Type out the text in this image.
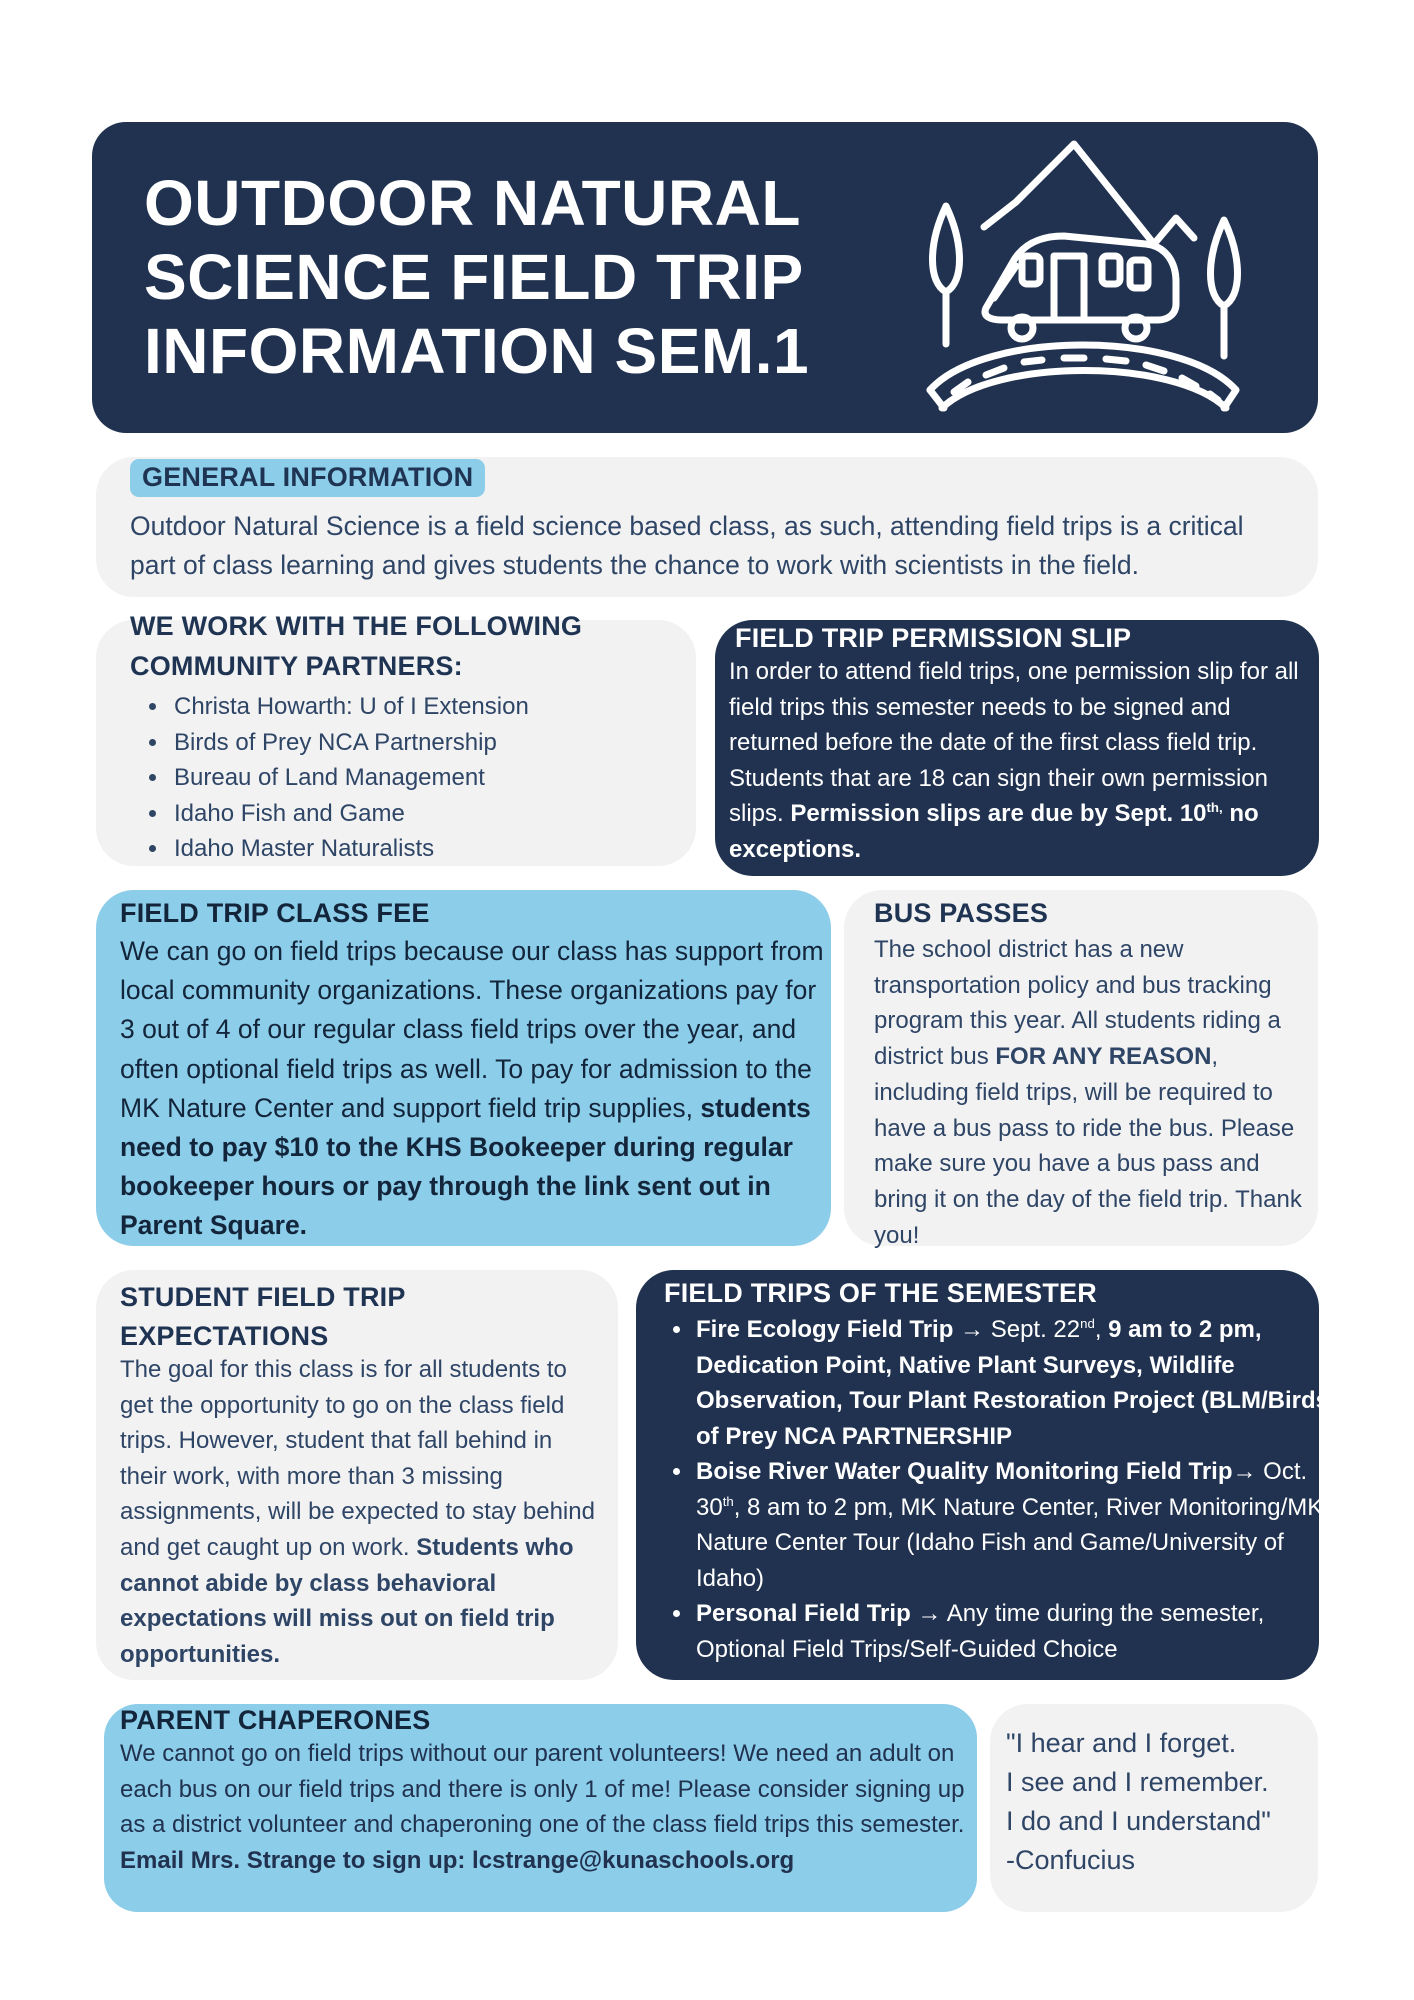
OUTDOOR NATURAL
SCIENCE FIELD TRIP
INFORMATION SEM.1
GENERAL INFORMATION

Outdoor Natural Science is a field science based class, as such, attending field trips is a critical part of class learning and gives students the chance to work with scientists in the field.

WE WORK WITH THE FOLLOWING COMMUNITY PARTNERS:
• Christa Howarth: U of I Extension
• Birds of Prey NCA Partnership
• Bureau of Land Management
• Idaho Fish and Game
• Idaho Master Naturalists
FIELD TRIP PERMISSION SLIP

In order to attend field trips, one permission slip for all field trips this semester needs to be signed and returned before the date of the first class field trip. Students that are 18 can sign their own permission slips. Permission slips are due by Sept. $10^{th,}$ no exceptions.

FIELD TRIP CLASS FEE

We can go on field trips because our class has support from local community organizations. These organizations pay for 3 out of 4 of our regular class field trips over the year, and often optional field trips as well. To pay for admission to the MK Nature Center and support field trip supplies, students need to pay $10 to the KHS Bookeeper during regular bookeeper hours or pay through the link sent out in Parent Square.

BUS PASSES

The school district has a new transportation policy and bus tracking program this year. All students riding a district bus FOR ANY REASON, including field trips, will be required to have a bus pass to ride the bus. Please make sure you have a bus pass and bring it on the day of the field trip. Thank you!

STUDENT FIELD TRIP EXPECTATIONS

The goal for this class is for all students to get the opportunity to go on the class field trips. However, student that fall behind in their work, with more than 3 missing assignments, will be expected to stay behind and get caught up on work. Students who cannot abide by class behavioral expectations will miss out on field trip opportunities.

FIELD TRIPS OF THE SEMESTER
• Fire Ecology Field Trip → Sept. 22nd, 9 am to 2 pm, Dedication Point, Native Plant Surveys, Wildlife Observation, Tour Plant Restoration Project (BLM/Birds of Prey NCA PARTNERSHIP
• Boise River Water Quality Monitoring Field Trip→ Oct. 30th, 8 am to 2 pm, MK Nature Center, River Monitoring/MK Nature Center Tour (Idaho Fish and Game/University of Idaho)
• Personal Field Trip → Any time during the semester, Optional Field Trips/Self-Guided Choice
PARENT CHAPERONES

We cannot go on field trips without our parent volunteers! We need an adult on each bus on our field trips and there is only 1 of me! Please consider signing up as a district volunteer and chaperoning one of the class field trips this semester. Email Mrs. Strange to sign up: lcstrange@kunaschools.org

"I hear and I forget.
I see and I remember.
I do and I understand"
-Confucius
